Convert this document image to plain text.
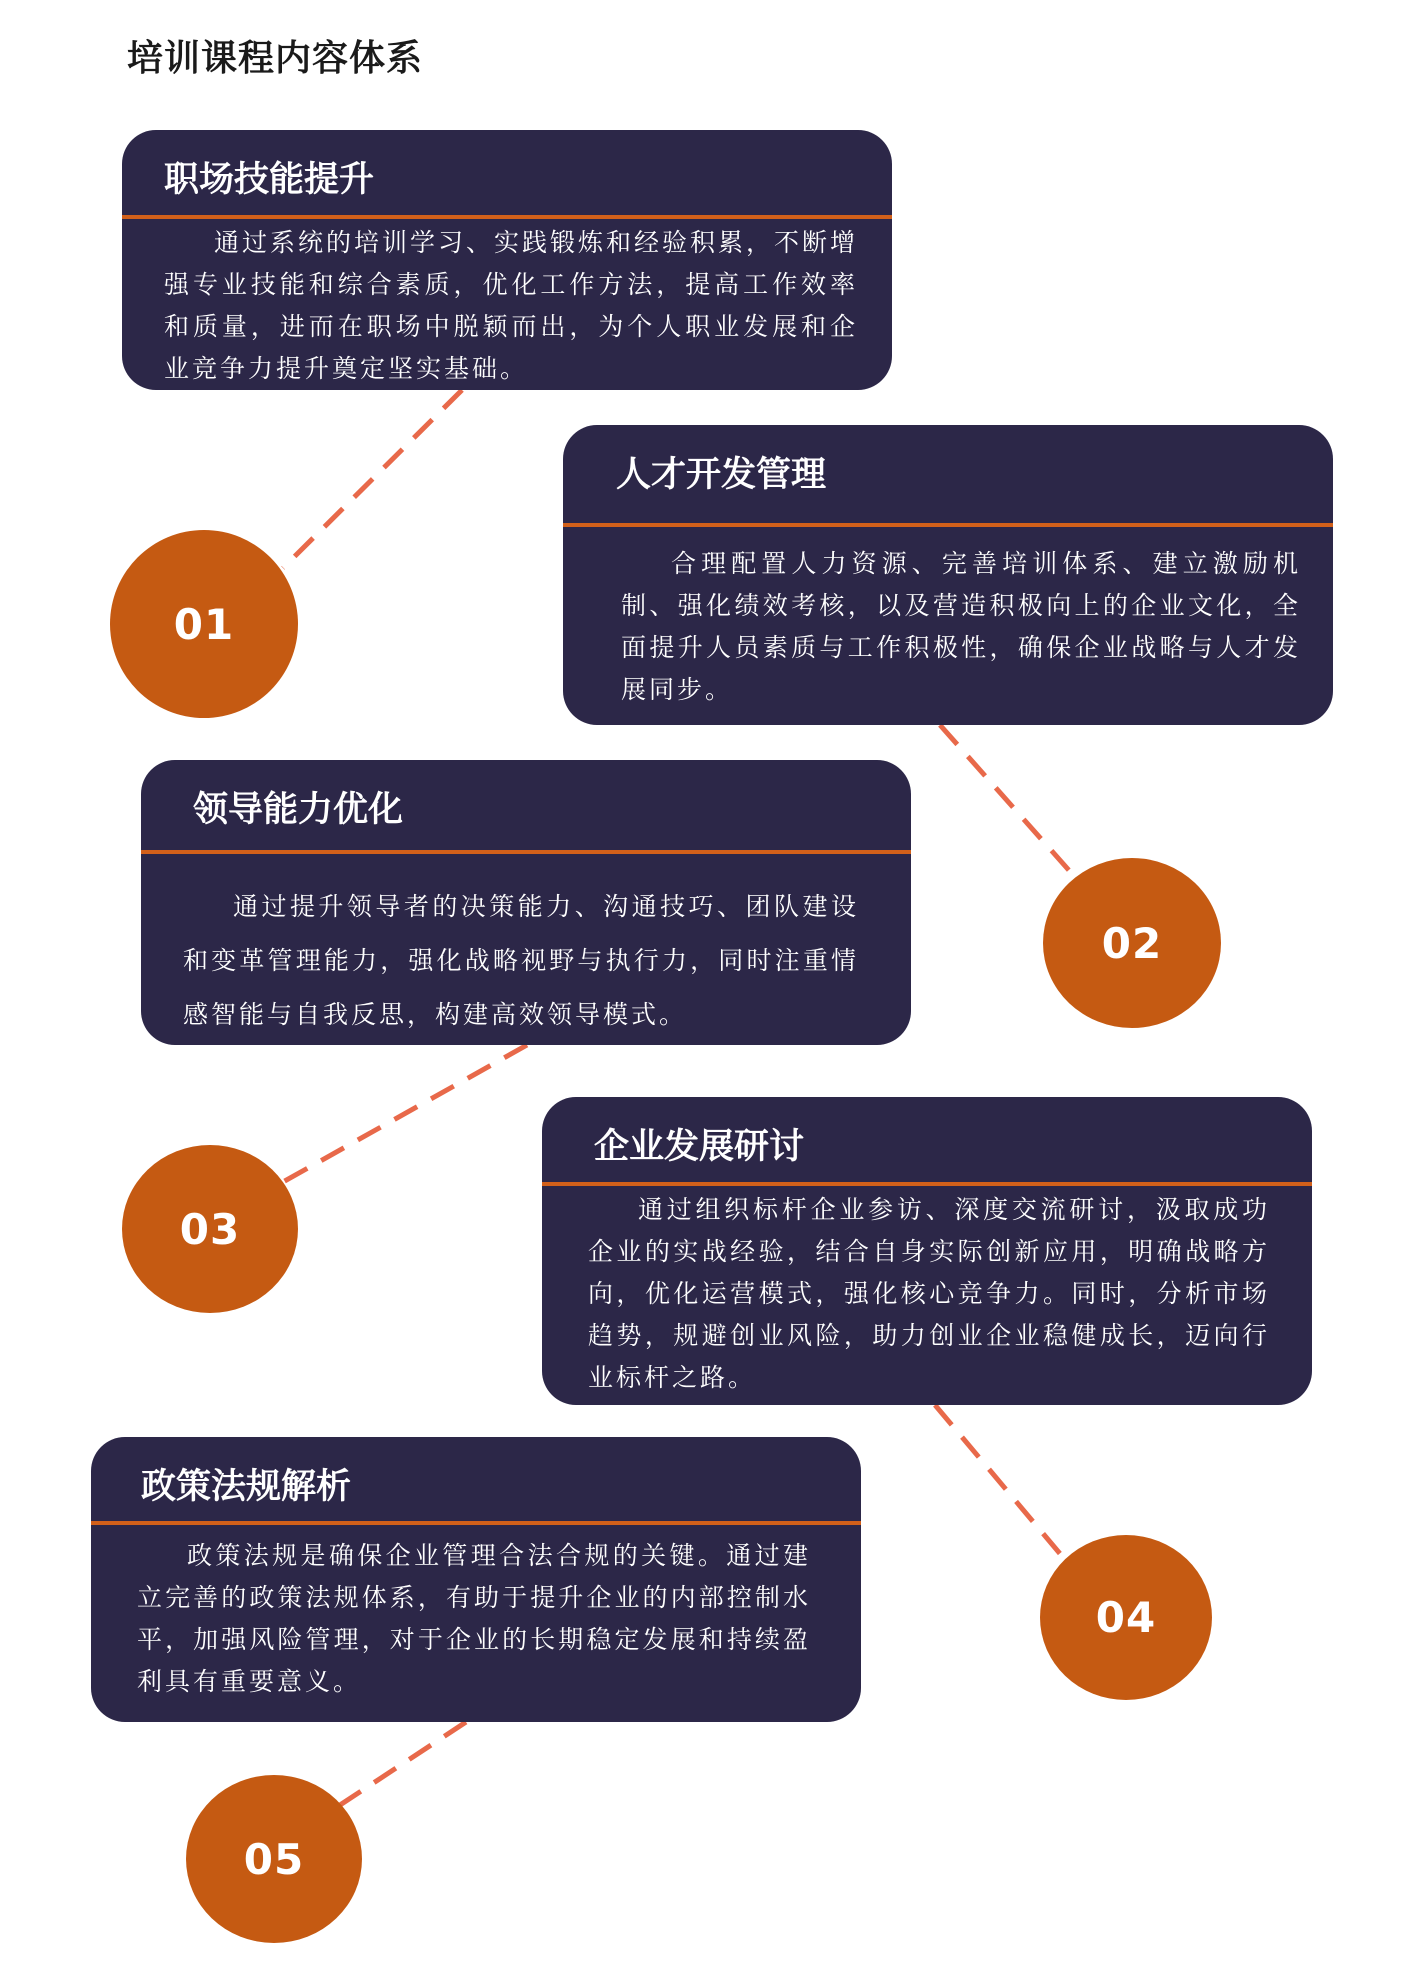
培训课程内容体系
职场技能提升
通过系统的培训学习、实践锻炼和经验积累，不断增强专业技能和综合素质，优化工作方法，提高工作效率和质量，进而在职场中脱颖而出，为个人职业发展和企业竞争力提升奠定坚实基础。
人才开发管理
合理配置人力资源、完善培训体系、建立激励机制、强化绩效考核，以及营造积极向上的企业文化，全面提升人员素质与工作积极性，确保企业战略与人才发展同步。
领导能力优化
通过提升领导者的决策能力、沟通技巧、团队建设和变革管理能力，强化战略视野与执行力，同时注重情感智能与自我反思，构建高效领导模式。
企业发展研讨
通过组织标杆企业参访、深度交流研讨，汲取成功企业的实战经验，结合自身实际创新应用，明确战略方向，优化运营模式，强化核心竞争力。同时，分析市场趋势，规避创业风险，助力创业企业稳健成长，迈向行业标杆之路。
政策法规解析
政策法规是确保企业管理合法合规的关键。通过建立完善的政策法规体系，有助于提升企业的内部控制水平，加强风险管理，对于企业的长期稳定发展和持续盈利具有重要意义。
01
02
03
04
05
